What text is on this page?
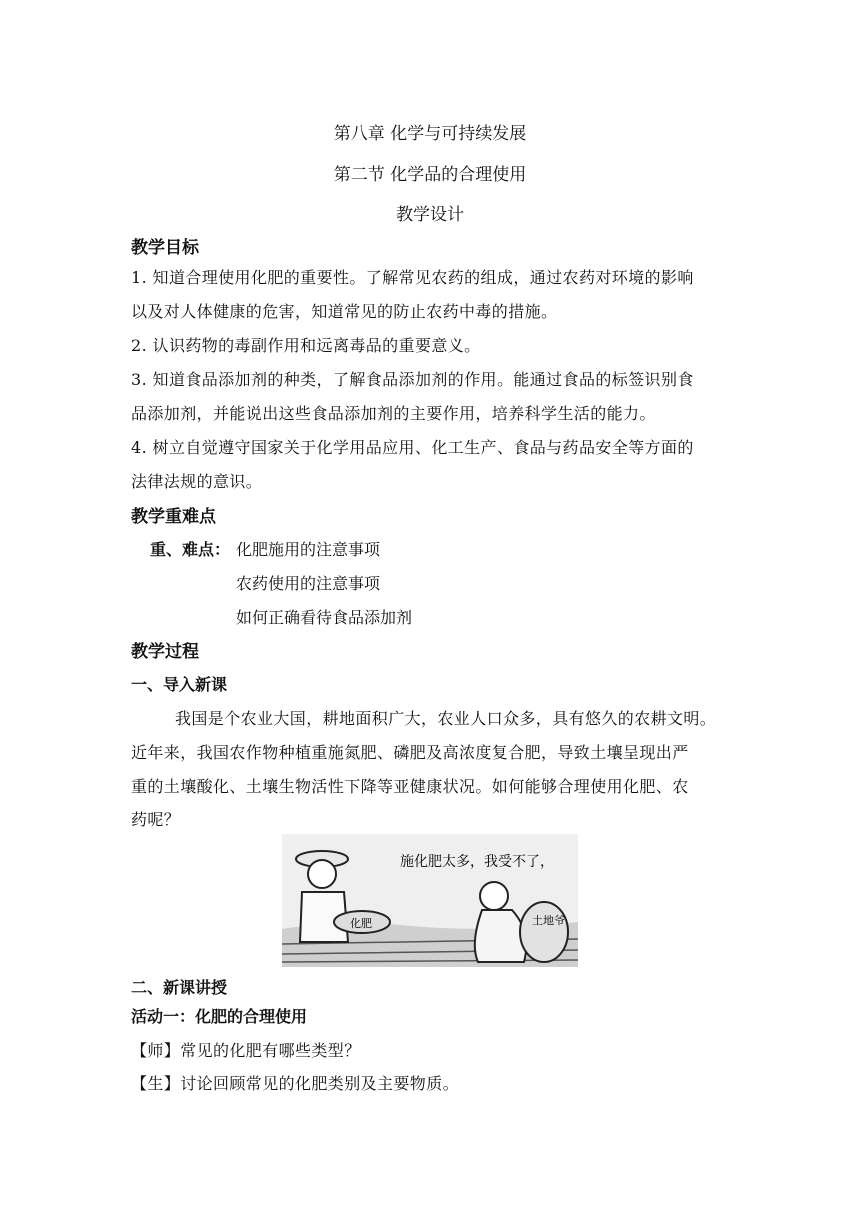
第八章 化学与可持续发展
第二节 化学品的合理使用
教学设计
教学目标
1. 知道合理使用化肥的重要性。了解常见农药的组成，通过农药对环境的影响
以及对人体健康的危害，知道常见的防止农药中毒的措施。
2. 认识药物的毒副作用和远离毒品的重要意义。
3. 知道食品添加剂的种类，了解食品添加剂的作用。能通过食品的标签识别食
品添加剂，并能说出这些食品添加剂的主要作用，培养科学生活的能力。
4. 树立自觉遵守国家关于化学用品应用、化工生产、食品与药品安全等方面的
法律法规的意识。
教学重难点
重、难点： 化肥施用的注意事项
农药使用的注意事项
如何正确看待食品添加剂
教学过程
一、导入新课
我国是个农业大国，耕地面积广大，农业人口众多，具有悠久的农耕文明。
近年来，我国农作物种植重施氮肥、磷肥及高浓度复合肥，导致土壤呈现出严
重的土壤酸化、土壤生物活性下降等亚健康状况。如何能够合理使用化肥、农
药呢？
化肥
施化肥太多，我受不了，
土地爷
二、新课讲授
活动一：化肥的合理使用
【师】常见的化肥有哪些类型？
【生】讨论回顾常见的化肥类别及主要物质。
